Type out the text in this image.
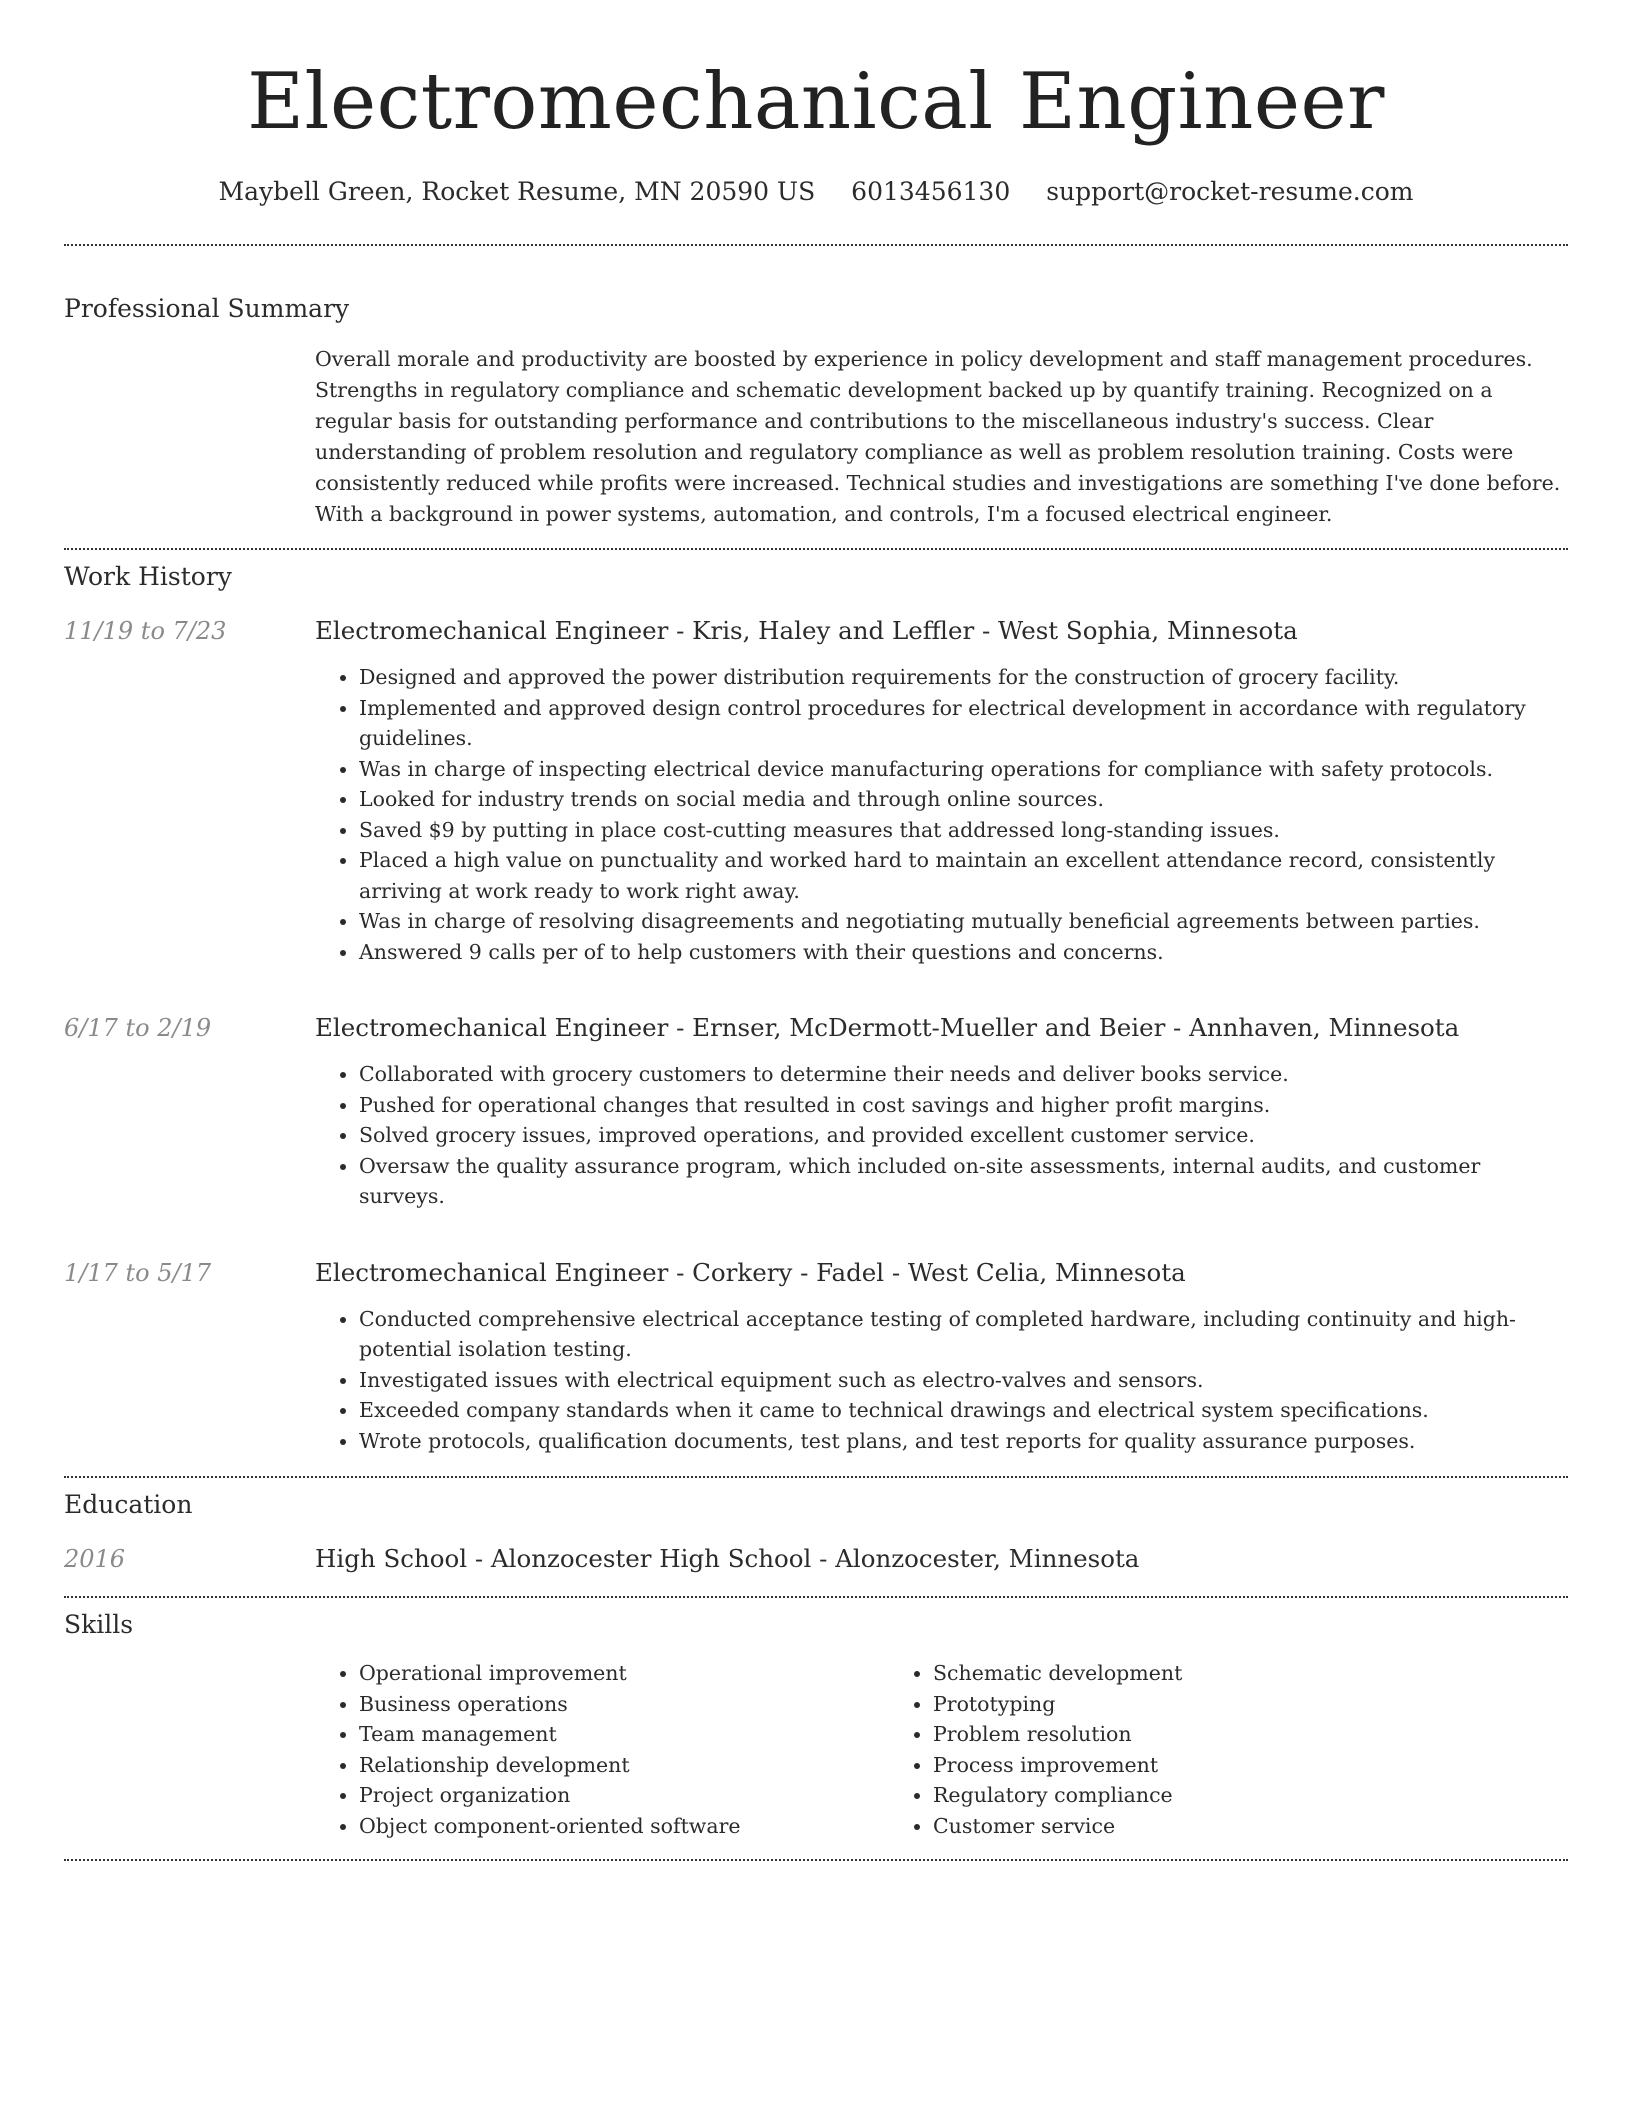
Electromechanical Engineer
Maybell Green, Rocket Resume, MN 20590 US 6013456130 support@rocket-resume.com
Professional Summary
Overall morale and productivity are boosted by experience in policy development and staff management procedures. Strengths in regulatory compliance and schematic development backed up by quantify training. Recognized on a regular basis for outstanding performance and contributions to the miscellaneous industry's success. Clear understanding of problem resolution and regulatory compliance as well as problem resolution training. Costs were consistently reduced while profits were increased. Technical studies and investigations are something I've done before. With a background in power systems, automation, and controls, I'm a focused electrical engineer.
Work History
11/19 to 7/23	Electromechanical Engineer - Kris, Haley and Leffler - West Sophia, Minnesota
• Designed and approved the power distribution requirements for the construction of grocery facility.
• Implemented and approved design control procedures for electrical development in accordance with regulatory guidelines.
• Was in charge of inspecting electrical device manufacturing operations for compliance with safety protocols.
• Looked for industry trends on social media and through online sources.
• Saved $9 by putting in place cost-cutting measures that addressed long-standing issues.
• Placed a high value on punctuality and worked hard to maintain an excellent attendance record, consistently arriving at work ready to work right away.
• Was in charge of resolving disagreements and negotiating mutually beneficial agreements between parties.
• Answered 9 calls per of to help customers with their questions and concerns.
6/17 to 2/19	Electromechanical Engineer - Ernser, McDermott-Mueller and Beier - Annhaven, Minnesota
• Collaborated with grocery customers to determine their needs and deliver books service.
• Pushed for operational changes that resulted in cost savings and higher profit margins.
• Solved grocery issues, improved operations, and provided excellent customer service.
• Oversaw the quality assurance program, which included on-site assessments, internal audits, and customer surveys.
1/17 to 5/17	Electromechanical Engineer - Corkery - Fadel - West Celia, Minnesota
• Conducted comprehensive electrical acceptance testing of completed hardware, including continuity and high-potential isolation testing.
• Investigated issues with electrical equipment such as electro-valves and sensors.
• Exceeded company standards when it came to technical drawings and electrical system specifications.
• Wrote protocols, qualification documents, test plans, and test reports for quality assurance purposes.
Education
2016	High School - Alonzocester High School - Alonzocester, Minnesota
Skills
• Operational improvement
• Business operations
• Team management
• Relationship development
• Project organization
• Object component-oriented software
• Schematic development
• Prototyping
• Problem resolution
• Process improvement
• Regulatory compliance
• Customer service
